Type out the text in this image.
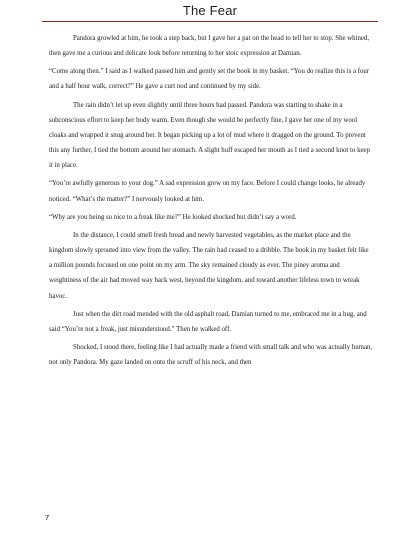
The Fear

Pandora growled at him, he took a step back, but I gave her a pat on the head to tell her to stop. She whined, then gave me a curious and delicate look before returning to her stoic expression at Damian.

“Come along then.” I said as I walked passed him and gently set the book in my basket. “You do realize this is a four and a half hour walk, correct?” He gave a curt nod and continued by my side.

The rain didn’t let up even slightly until three hours had passed. Pandora was starting to shake in a subconscious effort to keep her body warm. Even though she would be perfectly fine, I gave her one of my wool cloaks and wrapped it snug around her. It began picking up a lot of mud where it dragged on the ground. To prevent this any further, I tied the bottom around her stomach. A slight huff escaped her mouth as I tied a second knot to keep it in place.

“You’re awfully generous to your dog.” A sad expression grew on my face. Before I could change looks, he already noticed. “What’s the matter?” I nervously looked at him.

“Why are you being so nice to a freak like me?” He looked shocked but didn’t say a word.

In the distance, I could smell fresh bread and newly harvested vegetables, as the market place and the kingdom slowly sprouted into view from the valley. The rain had ceased to a dribble. The book in my basket felt like a million pounds focused on one point on my arm. The sky remained cloudy as ever. The piney aroma and weightiness of the air had moved way back west, beyond the kingdom, and toward another lifeless town to wreak havoc.

Just when the dirt road mended with the old asphalt road, Damian turned to me, embraced me in a hug, and said “You’re not a freak, just misunderstood.” Then he walked off.

Shocked, I stood there, feeling like I had actually made a friend with small talk and who was actually human, not only Pandora. My gaze landed on onto the scruff of his neck, and then

7
